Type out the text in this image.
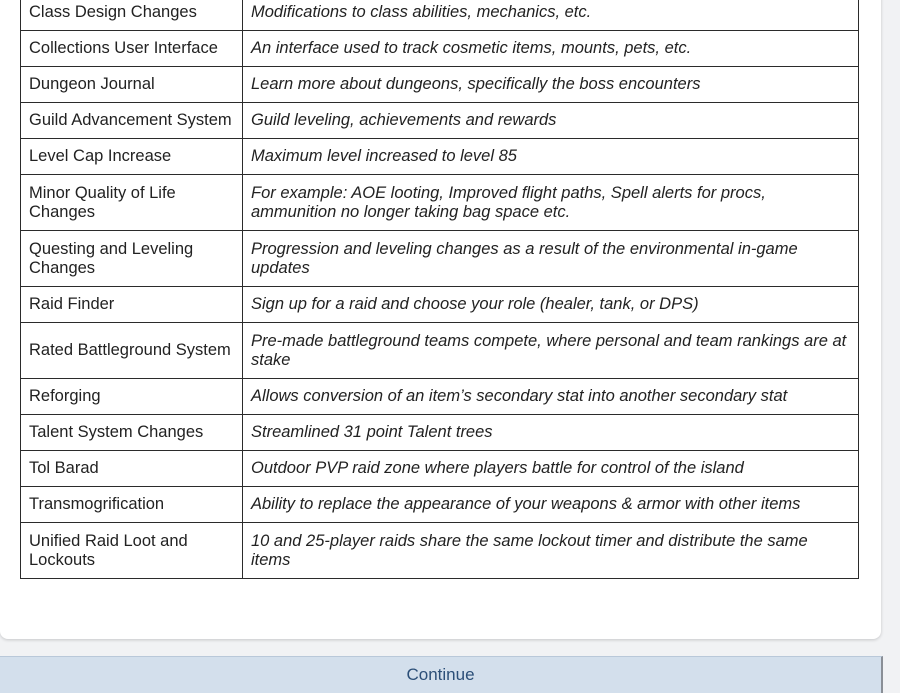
Class Design Changes	Modifications to class abilities, mechanics, etc.
Collections User Interface	An interface used to track cosmetic items, mounts, pets, etc.
Dungeon Journal	Learn more about dungeons, specifically the boss encounters
Guild Advancement System	Guild leveling, achievements and rewards
Level Cap Increase	Maximum level increased to level 85
Minor Quality of Life Changes	For example: AOE looting, Improved flight paths, Spell alerts for procs, ammunition no longer taking bag space etc.
Questing and Leveling Changes	Progression and leveling changes as a result of the environmental in-game updates
Raid Finder	Sign up for a raid and choose your role (healer, tank, or DPS)
Rated Battleground System	Pre-made battleground teams compete, where personal and team rankings are at stake
Reforging	Allows conversion of an item’s secondary stat into another secondary stat
Talent System Changes	Streamlined 31 point Talent trees
Tol Barad	Outdoor PVP raid zone where players battle for control of the island
Transmogrification	Ability to replace the appearance of your weapons & armor with other items
Unified Raid Loot and Lockouts	10 and 25-player raids share the same lockout timer and distribute the same items
Continue
